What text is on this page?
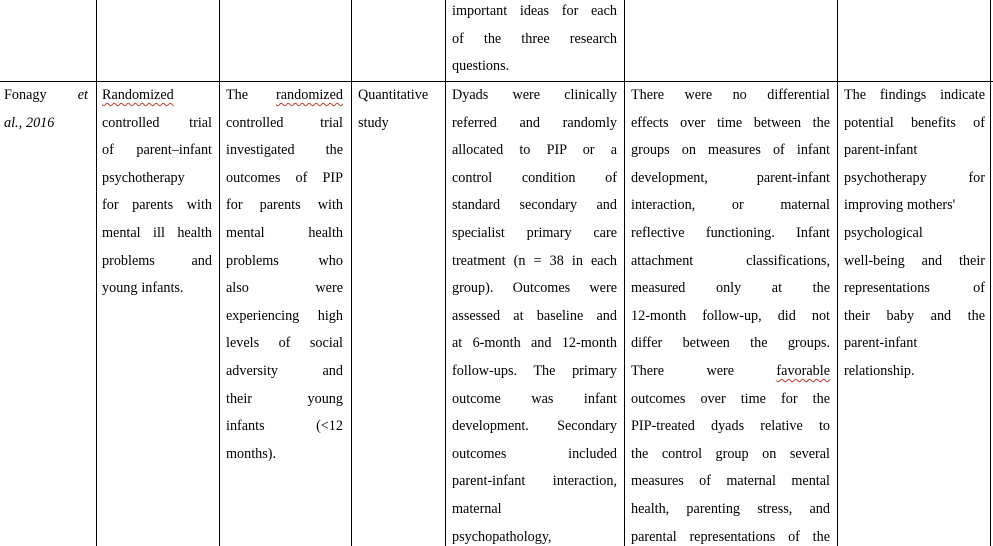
important ideas for each
of the three research
questions.
Fonagy et
al., 2016
Randomized
controlled trial
of parent–infant
psychotherapy
for parents with
mental ill health
problems and
young infants.
The randomized
controlled trial
investigated the
outcomes of PIP
for parents with
mental health
problems who
also were
experiencing high
levels of social
adversity and
their young
infants (<12
months).
Quantitative
study
Dyads were clinically
referred and randomly
allocated to PIP or a
control condition of
standard secondary and
specialist primary care
treatment (n = 38 in each
group). Outcomes were
assessed at baseline and
at 6-month and 12-month
follow-ups. The primary
outcome was infant
development. Secondary
outcomes included
parent-infant interaction,
maternal
psychopathology,
There were no differential
effects over time between the
groups on measures of infant
development, parent-infant
interaction, or maternal
reflective functioning. Infant
attachment classifications,
measured only at the
12-month follow-up, did not
differ between the groups.
There	were	favorable
outcomes over time for the
PIP-treated dyads relative to
the control group on several
measures of maternal mental
health, parenting stress, and
parental representations of the
The findings indicate
potential benefits of
parent-infant
psychotherapy for
improving mothers'
psychological
well-being and their
representations of
their baby and the
parent-infant
relationship.
